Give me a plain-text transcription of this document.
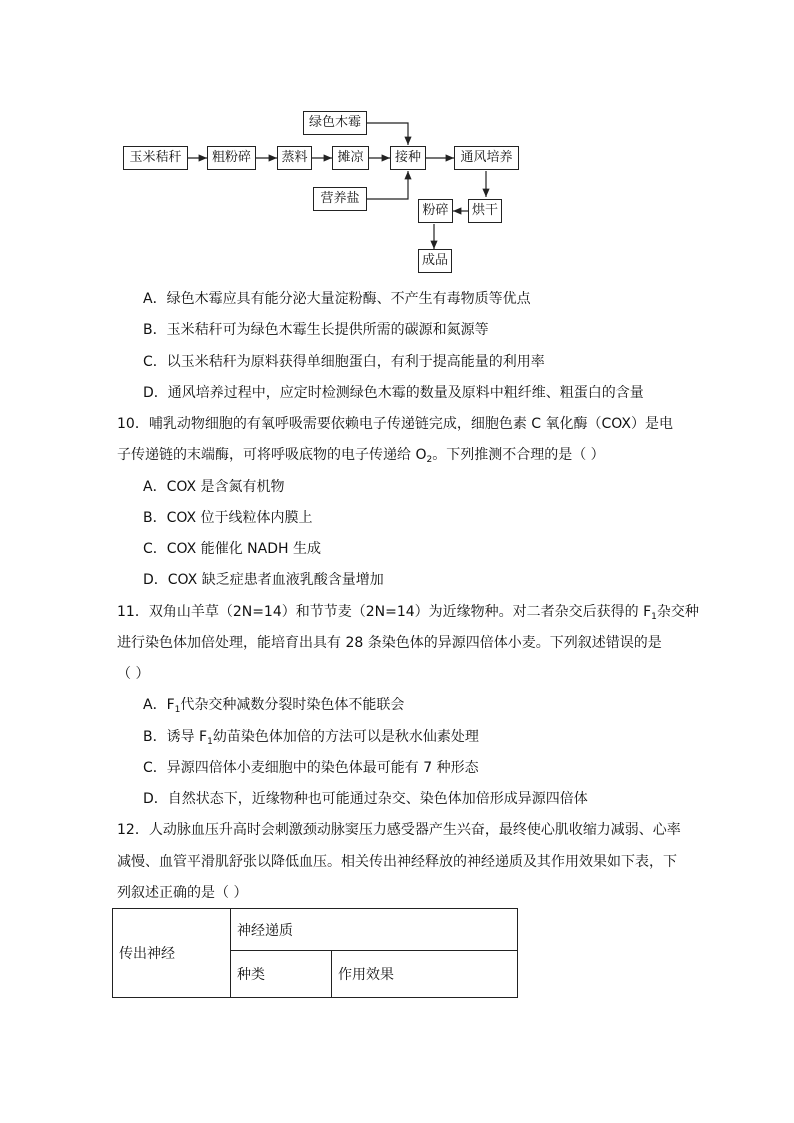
玉米秸秆	粗粉碎	蒸料	摊凉
绿色木霉
营养盐
接种	通风培养
烘干
粉碎
成品
A．绿色木霉应具有能分泌大量淀粉酶、不产生有毒物质等优点
B．玉米秸秆可为绿色木霉生长提供所需的碳源和氮源等
C．以玉米秸秆为原料获得单细胞蛋白，有利于提高能量的利用率
D．通风培养过程中，应定时检测绿色木霉的数量及原料中粗纤维、粗蛋白的含量
10．哺乳动物细胞的有氧呼吸需要依赖电子传递链完成，细胞色素 C 氧化酶（COX）是电
子传递链的末端酶，可将呼吸底物的电子传递给 $O_2$。下列推测不合理的是（ ）
A．COX 是含氮有机物
B．COX 位于线粒体内膜上
C．COX 能催化 NADH 生成
D．COX 缺乏症患者血液乳酸含量增加
11．双角山羊草（2N=14）和节节麦（2N=14）为近缘物种。对二者杂交后获得的 $F_1$杂交种
进行染色体加倍处理，能培育出具有 28 条染色体的异源四倍体小麦。下列叙述错误的是
（ ）
A．$F_1$代杂交种减数分裂时染色体不能联会
B．诱导 $F_1$幼苗染色体加倍的方法可以是秋水仙素处理
C．异源四倍体小麦细胞中的染色体最可能有 7 种形态
D．自然状态下，近缘物种也可能通过杂交、染色体加倍形成异源四倍体
12．人动脉血压升高时会刺激颈动脉窦压力感受器产生兴奋，最终使心肌收缩力减弱、心率
减慢、血管平滑肌舒张以降低血压。相关传出神经释放的神经递质及其作用效果如下表，下
列叙述正确的是（ ）
传出神经	神经递质	
	种类	作用效果
